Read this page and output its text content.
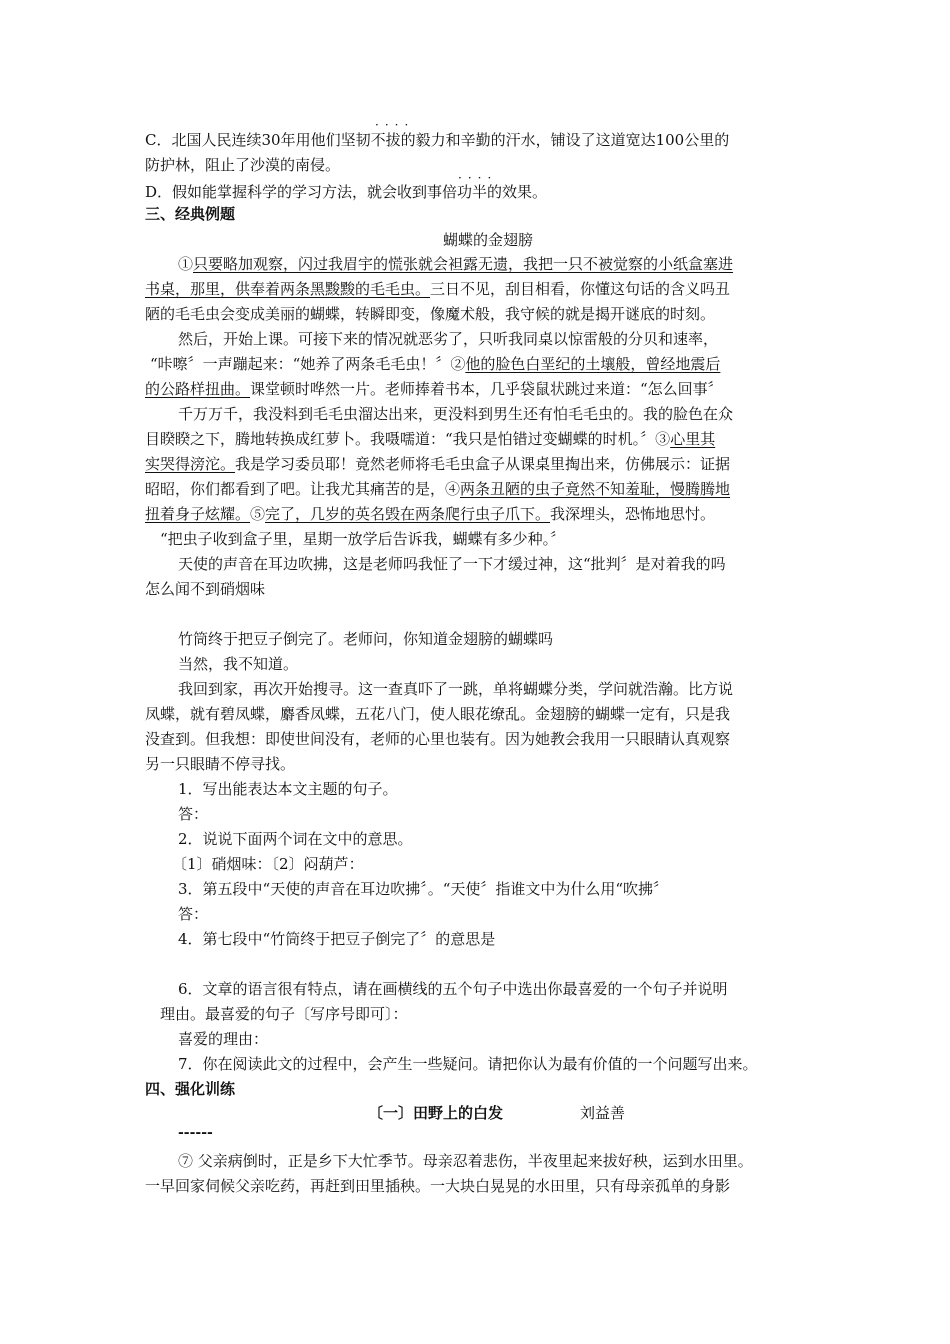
····
C．北国人民连续30年用他们坚韧不拔的毅力和辛勤的汗水，铺设了这道宽达100公里的
防护林，阻止了沙漠的南侵。
····
D．假如能掌握科学的学习方法，就会收到事倍功半的效果。
三、经典例题
蝴蝶的金翅膀
①只要略加观察，闪过我眉宇的慌张就会袒露无遗，我把一只不被觉察的小纸盒塞进
书桌，那里，供奉着两条黑黢黢的毛毛虫。三日不见，刮目相看，你懂这句话的含义吗丑
陋的毛毛虫会变成美丽的蝴蝶，转瞬即变，像魔术般，我守候的就是揭开谜底的时刻。
然后，开始上课。可接下来的情况就恶劣了，只听我同桌以惊雷般的分贝和速率，
“咔嚓〞一声蹦起来：“她养了两条毛毛虫！〞②他的脸色白垩纪的土壤般，曾经地震后
的公路样扭曲。课堂顿时哗然一片。老师捧着书本，几乎袋鼠状跳过来道：“怎么回事〞
千万万千，我没料到毛毛虫溜达出来，更没料到男生还有怕毛毛虫的。我的脸色在众
目睽睽之下，腾地转换成红萝卜。我嗫嚅道：“我只是怕错过变蝴蝶的时机。〞③心里其
实哭得滂沱。我是学习委员耶！竟然老师将毛毛虫盒子从课桌里掏出来，仿佛展示：证据
昭昭，你们都看到了吧。让我尤其痛苦的是，④两条丑陋的虫子竟然不知羞耻，慢腾腾地
扭着身子炫耀。⑤完了，几岁的英名毁在两条爬行虫子爪下。我深埋头，恐怖地思忖。
“把虫子收到盒子里，星期一放学后告诉我，蝴蝶有多少种。〞
天使的声音在耳边吹拂，这是老师吗我怔了一下才缓过神，这“批判〞是对着我的吗
怎么闻不到硝烟味
竹筒终于把豆子倒完了。老师问，你知道金翅膀的蝴蝶吗
当然，我不知道。
我回到家，再次开始搜寻。这一查真吓了一跳，单将蝴蝶分类，学问就浩瀚。比方说
凤蝶，就有碧凤蝶，麝香凤蝶，五花八门，使人眼花缭乱。金翅膀的蝴蝶一定有，只是我
没查到。但我想：即使世间没有，老师的心里也装有。因为她教会我用一只眼睛认真观察
另一只眼睛不停寻找。
1．写出能表达本文主题的句子。
答：
2．说说下面两个词在文中的意思。
〔1〕硝烟味：〔2〕闷葫芦：
3．第五段中“天使的声音在耳边吹拂〞。“天使〞指谁文中为什么用“吹拂〞
答：
4．第七段中“竹筒终于把豆子倒完了〞的意思是
6．文章的语言很有特点，请在画横线的五个句子中选出你最喜爱的一个句子并说明
理由。最喜爱的句子〔写序号即可〕：
喜爱的理由：
7．你在阅读此文的过程中，会产生一些疑问。请把你认为最有价值的一个问题写出来。
四、强化训练
〔一〕田野上的白发	刘益善
------
⑦ 父亲病倒时，正是乡下大忙季节。母亲忍着悲伤，半夜里起来拔好秧，运到水田里。
一早回家伺候父亲吃药，再赶到田里插秧。一大块白晃晃的水田里，只有母亲孤单的身影
